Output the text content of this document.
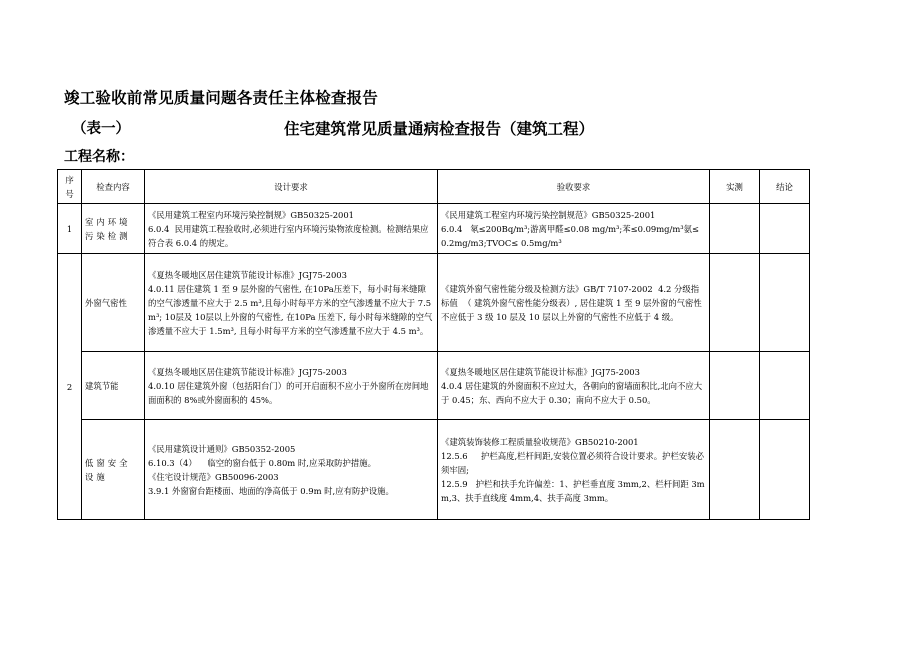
竣工验收前常见质量问题各责任主体检查报告
（表一）	住宅建筑常见质量通病检查报告（建筑工程）
工程名称：
序
号	检查内容	设计要求	验收要求	实测	结论
1	室内环境污染检测	《民用建筑工程室内环境污染控制规》GB50325-2001
6.0.4  民用建筑工程验收时,必须进行室内环境污染物浓度检测。检测结果应符合表 6.0.4 的规定。	《民用建筑工程室内环境污染控制规范》GB50325-2001
6.0.4   氡≤200Bq/m³;游离甲醛≤0.08 mg/m³;苯≤0.09mg/m³氨≤0.2mg/m3;TVOC≤ 0.5mg/m³		

2	外窗气密性	《夏热冬暖地区居住建筑节能设计标准》JGJ75-2003
4.0.11 居住建筑 1 至 9 层外窗的气密性, 在10Pa压差下，每小时每米缝隙的空气渗透量不应大于 2.5 m³,且每小时每平方米的空气渗透量不应大于 7.5 m³; 10层及 10层以上外窗的气密性, 在10Pa 压差下, 每小时每米缝隙的空气渗透量不应大于 1.5m³, 且每小时每平方米的空气渗透量不应大于 4.5 m³。	《建筑外窗气密性能分级及检测方法》GB/T 7107-2002  4.2 分级指标值  （ 建筑外窗气密性能分级表）, 居住建筑 1 至 9 层外窗的气密性不应低于 3 级 10 层及 10 层以上外窗的气密性不应低于 4 级。		

	建筑节能	《夏热冬暖地区居住建筑节能设计标准》JGJ75-2003
4.0.10 居住建筑外窗（包括阳台门）的可开启面积不应小于外窗所在房间地面面积的 8%或外窗面积的 45%。	《夏热冬暖地区居住建筑节能设计标准》JGJ75-2003
4.0.4 居住建筑的外窗面积不应过大，各朝向的窗墙面积比,北向不应大于 0.45；东、西向不应大于 0.30；南向不应大于 0.50。		

	低窗安全设施	《民用建筑设计通则》GB50352-2005
6.10.3（4）    临空的窗台低于 0.80m 时,应采取防护措施。
《住宅设计规范》GB50096-2003
3.9.1 外窗窗台距楼面、地面的净高低于 0.9m 时,应有防护设施。	《建筑装饰装修工程质量验收规范》GB50210-2001
12.5.6     护栏高度,栏杆间距,安装位置必须符合设计要求。护栏安装必须牢固;
12.5.9   护栏和扶手允许偏差：1、护栏垂直度 3mm,2、栏杆间距 3mm,3、扶手直线度 4mm,4、扶手高度 3mm。		
